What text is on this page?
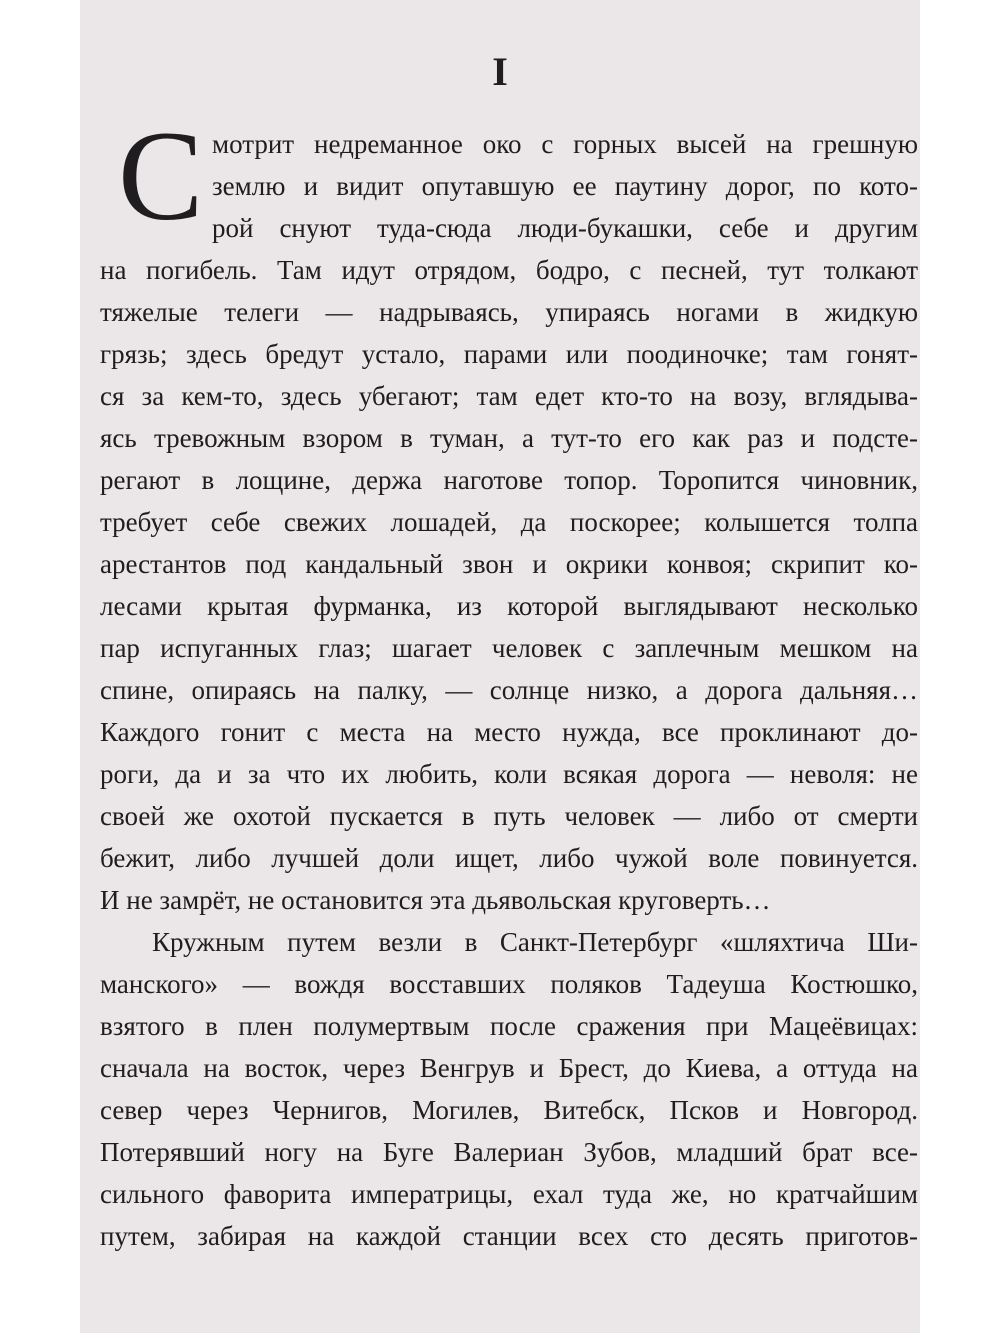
I
С мотрит недреманное око с горных высей на грешную
землю и видит опутавшую ее паутину дорог, по кото-
рой снуют туда-сюда люди-букашки, себе и другим
на погибель. Там идут отрядом, бодро, с песней, тут толкают
тяжелые телеги — надрываясь, упираясь ногами в жидкую
грязь; здесь бредут устало, парами или поодиночке; там гонят-
ся за кем-то, здесь убегают; там едет кто-то на возу, вглядыва-
ясь тревожным взором в туман, а тут-то его как раз и подсте-
регают в лощине, держа наготове топор. Торопится чиновник,
требует себе свежих лошадей, да поскорее; колышется толпа
арестантов под кандальный звон и окрики конвоя; скрипит ко-
лесами крытая фурманка, из которой выглядывают несколько
пар испуганных глаз; шагает человек с заплечным мешком на
спине, опираясь на палку, — солнце низко, а дорога дальняя…
Каждого гонит с места на место нужда, все проклинают до-
роги, да и за что их любить, коли всякая дорога — неволя: не
своей же охотой пускается в путь человек — либо от смерти
бежит, либо лучшей доли ищет, либо чужой воле повинуется.
И не замрёт, не остановится эта дьявольская круговерть…
Кружным путем везли в Санкт-Петербург «шляхтича Ши-
манского» — вождя восставших поляков Тадеуша Костюшко,
взятого в плен полумертвым после сражения при Мацеёвицах:
сначала на восток, через Венгрув и Брест, до Киева, а оттуда на
север через Чернигов, Могилев, Витебск, Псков и Новгород.
Потерявший ногу на Буге Валериан Зубов, младший брат все-
сильного фаворита императрицы, ехал туда же, но кратчайшим
путем, забирая на каждой станции всех сто десять приготов-
